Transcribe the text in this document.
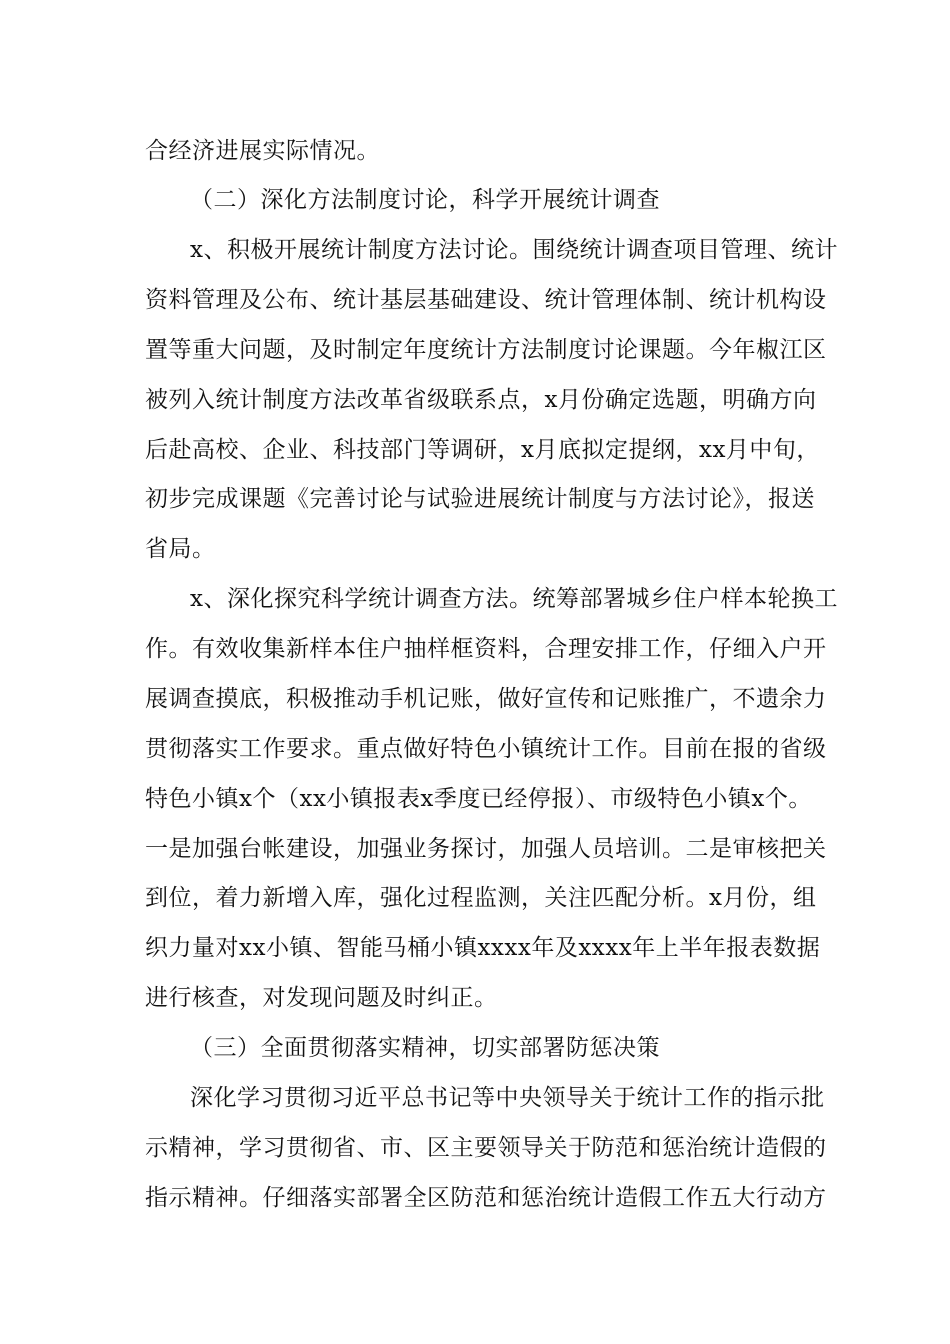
合经济进展实际情况。
（二）深化方法制度讨论，科学开展统计调查
x、积极开展统计制度方法讨论。围绕统计调查项目管理、统计
资料管理及公布、统计基层基础建设、统计管理体制、统计机构设
置等重大问题，及时制定年度统计方法制度讨论课题。今年椒江区
被列入统计制度方法改革省级联系点，x月份确定选题，明确方向
后赴高校、企业、科技部门等调研，x月底拟定提纲，xx月中旬，
初步完成课题《完善讨论与试验进展统计制度与方法讨论》，报送
省局。
x、深化探究科学统计调查方法。统筹部署城乡住户样本轮换工
作。有效收集新样本住户抽样框资料，合理安排工作，仔细入户开
展调查摸底，积极推动手机记账，做好宣传和记账推广，不遗余力
贯彻落实工作要求。重点做好特色小镇统计工作。目前在报的省级
特色小镇x个（xx小镇报表x季度已经停报）、市级特色小镇x个。
一是加强台帐建设，加强业务探讨，加强人员培训。二是审核把关
到位，着力新增入库，强化过程监测，关注匹配分析。x月份，组
织力量对xx小镇、智能马桶小镇xxxx年及xxxx年上半年报表数据
进行核查，对发现问题及时纠正。
（三）全面贯彻落实精神，切实部署防惩决策
深化学习贯彻习近平总书记等中央领导关于统计工作的指示批
示精神，学习贯彻省、市、区主要领导关于防范和惩治统计造假的
指示精神。仔细落实部署全区防范和惩治统计造假工作五大行动方
